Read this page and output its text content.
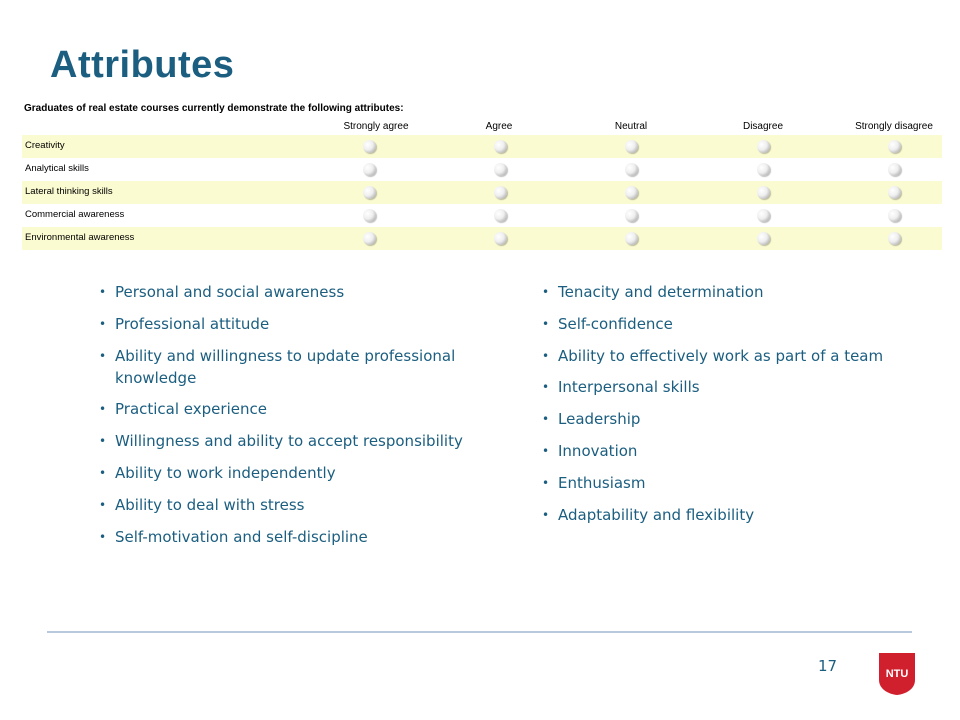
Attributes
Graduates of real estate courses currently demonstrate the following attributes:
Strongly agree	Agree	Neutral	Disagree	Strongly disagree
Creativity
Analytical skills
Lateral thinking skills
Commercial awareness
Environmental awareness
• Personal and social awareness
• Professional attitude
• Ability and willingness to update professional knowledge
• Practical experience
• Willingness and ability to accept responsibility
• Ability to work independently
• Ability to deal with stress
• Self-motivation and self-discipline
• Tenacity and determination
• Self-confidence
• Ability to effectively work as part of a team
• Interpersonal skills
• Leadership
• Innovation
• Enthusiasm
• Adaptability and flexibility
17	NTU
